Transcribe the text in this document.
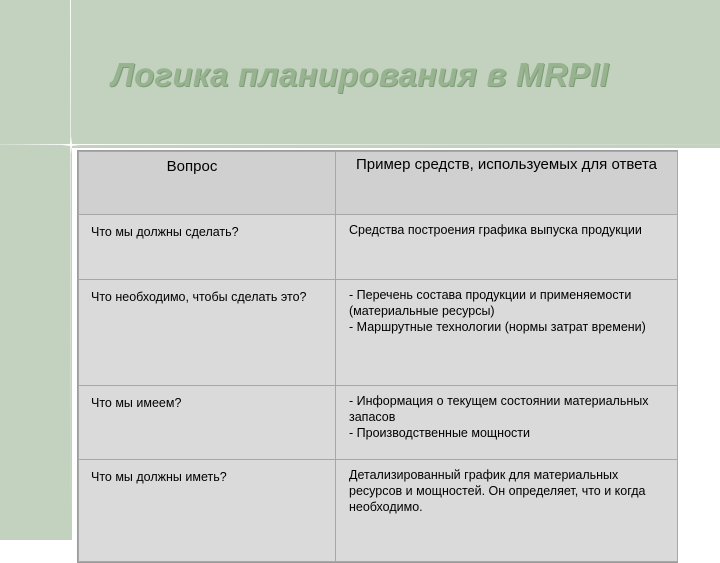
Логика планирования в MRPII
Вопрос	Пример средств, используемых для ответа

Что мы должны сделать?	Средства построения графика выпуска продукции

Что необходимо, чтобы сделать это?	- Перечень состава продукции и применяемости (материальные ресурсы)
- Маршрутные технологии (нормы затрат времени)

Что мы имеем?	- Информация о текущем состоянии материальных запасов
- Производственные мощности

Что мы должны иметь?	Детализированный график для материальных ресурсов и мощностей. Он определяет, что и когда необходимо.
